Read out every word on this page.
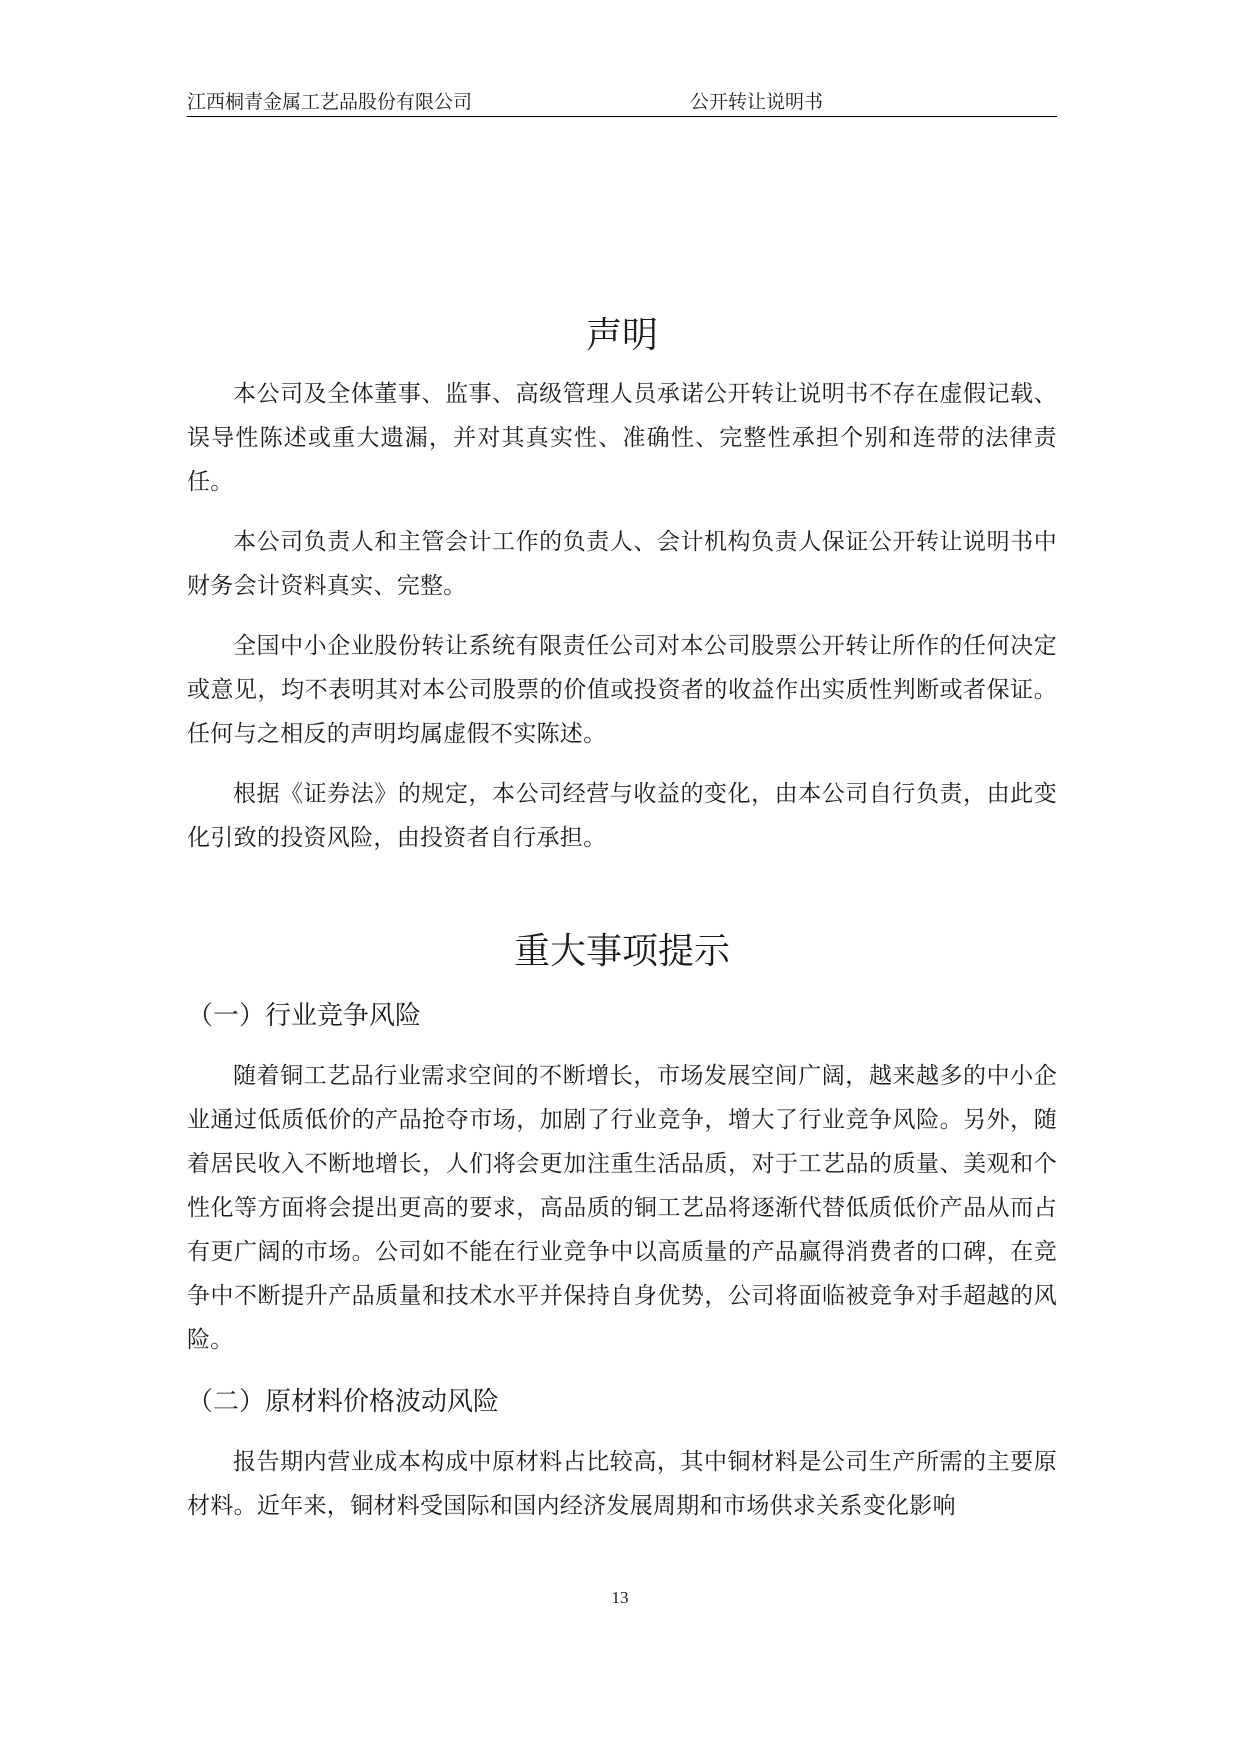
江西桐青金属工艺品股份有限公司	公开转让说明书
声明

本公司及全体董事、监事、高级管理人员承诺公开转让说明书不存在虚假记载、误导性陈述或重大遗漏，并对其真实性、准确性、完整性承担个别和连带的法律责任。

本公司负责人和主管会计工作的负责人、会计机构负责人保证公开转让说明书中财务会计资料真实、完整。

全国中小企业股份转让系统有限责任公司对本公司股票公开转让所作的任何决定或意见，均不表明其对本公司股票的价值或投资者的收益作出实质性判断或者保证。任何与之相反的声明均属虚假不实陈述。

根据《证券法》的规定，本公司经营与收益的变化，由本公司自行负责，由此变化引致的投资风险，由投资者自行承担。

重大事项提示
（一）行业竞争风险

随着铜工艺品行业需求空间的不断增长，市场发展空间广阔，越来越多的中小企业通过低质低价的产品抢夺市场，加剧了行业竞争，增大了行业竞争风险。另外，随着居民收入不断地增长，人们将会更加注重生活品质，对于工艺品的质量、美观和个性化等方面将会提出更高的要求，高品质的铜工艺品将逐渐代替低质低价产品从而占有更广阔的市场。公司如不能在行业竞争中以高质量的产品赢得消费者的口碑，在竞争中不断提升产品质量和技术水平并保持自身优势，公司将面临被竞争对手超越的风险。

（二）原材料价格波动风险

报告期内营业成本构成中原材料占比较高，其中铜材料是公司生产所需的主要原材料。近年来，铜材料受国际和国内经济发展周期和市场供求关系变化影响

13
